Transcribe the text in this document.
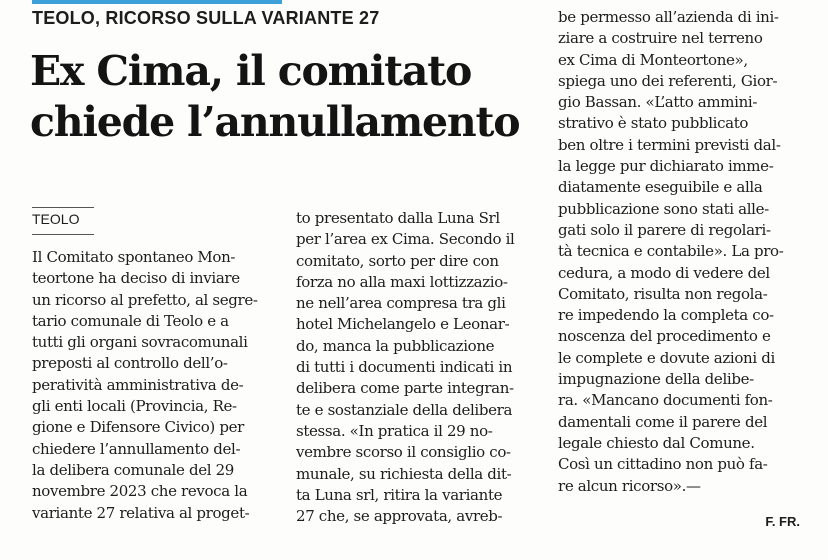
TEOLO, RICORSO SULLA VARIANTE 27
Ex Cima, il comitato
chiede l’annullamento
TEOLO
Il Comitato spontaneo Mon-
teortone ha deciso di inviare
un ricorso al prefetto, al segre-
tario comunale di Teolo e a
tutti gli organi sovracomunali
preposti al controllo dell’o-
peratività amministrativa de-
gli enti locali (Provincia, Re-
gione e Difensore Civico) per
chiedere l’annullamento del-
la delibera comunale del 29
novembre 2023 che revoca la
variante 27 relativa al proget-
to presentato dalla Luna Srl
per l’area ex Cima. Secondo il
comitato, sorto per dire con
forza no alla maxi lottizzazio-
ne nell’area compresa tra gli
hotel Michelangelo e Leonar-
do, manca la pubblicazione
di tutti i documenti indicati in
delibera come parte integran-
te e sostanziale della delibera
stessa. «In pratica il 29 no-
vembre scorso il consiglio co-
munale, su richiesta della dit-
ta Luna srl, ritira la variante
27 che, se approvata, avreb-
be permesso all’azienda di ini-
ziare a costruire nel terreno
ex Cima di Monteortone»,
spiega uno dei referenti, Gior-
gio Bassan. «L’atto ammini-
strativo è stato pubblicato
ben oltre i termini previsti dal-
la legge pur dichiarato imme-
diatamente eseguibile e alla
pubblicazione sono stati alle-
gati solo il parere di regolari-
tà tecnica e contabile». La pro-
cedura, a modo di vedere del
Comitato, risulta non regola-
re impedendo la completa co-
noscenza del procedimento e
le complete e dovute azioni di
impugnazione della delibe-
ra. «Mancano documenti fon-
damentali come il parere del
legale chiesto dal Comune.
Così un cittadino non può fa-
re alcun ricorso».—
F. FR.
